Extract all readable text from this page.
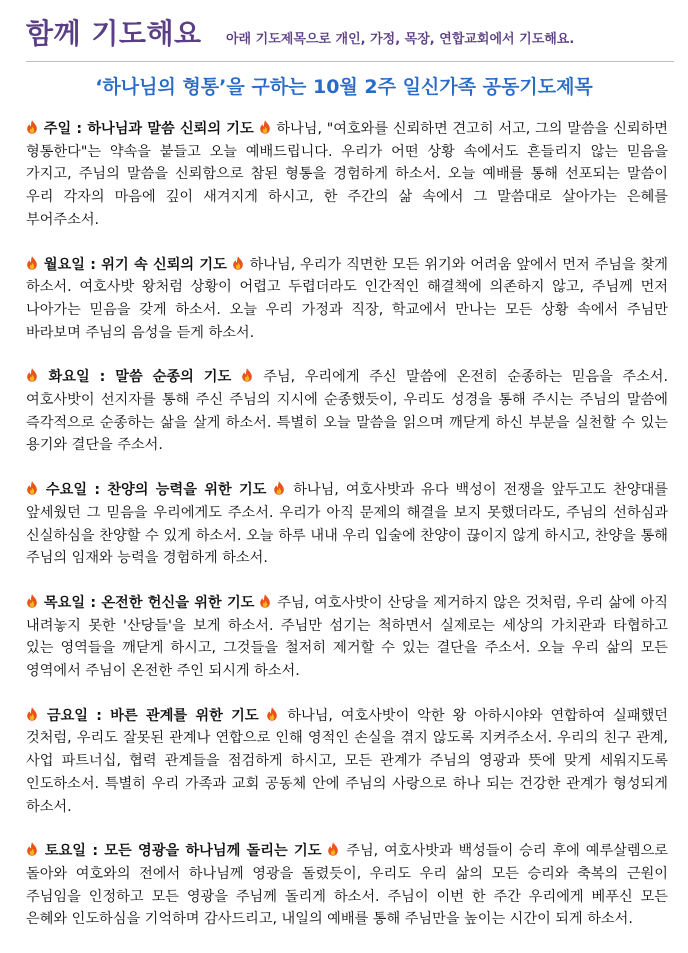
함께 기도해요 아래 기도제목으로 개인, 가정, 목장, 연합교회에서 기도해요.
‘하나님의 형통’을 구하는 10월 2주 일신가족 공동기도제목

주일 : 하나님과 말씀 신뢰의 기도 하나님, "여호와를 신뢰하면 견고히 서고, 그의 말씀을 신뢰하면 형통한다"는 약속을 붙들고 오늘 예배드립니다. 우리가 어떤 상황 속에서도 흔들리지 않는 믿음을 가지고, 주님의 말씀을 신뢰함으로 참된 형통을 경험하게 하소서. 오늘 예배를 통해 선포되는 말씀이 우리 각자의 마음에 깊이 새겨지게 하시고, 한 주간의 삶 속에서 그 말씀대로 살아가는 은혜를 부어주소서.

월요일 : 위기 속 신뢰의 기도 하나님, 우리가 직면한 모든 위기와 어려움 앞에서 먼저 주님을 찾게 하소서. 여호사밧 왕처럼 상황이 어렵고 두렵더라도 인간적인 해결책에 의존하지 않고, 주님께 먼저 나아가는 믿음을 갖게 하소서. 오늘 우리 가정과 직장, 학교에서 만나는 모든 상황 속에서 주님만 바라보며 주님의 음성을 듣게 하소서.

화요일 : 말씀 순종의 기도 주님, 우리에게 주신 말씀에 온전히 순종하는 믿음을 주소서. 여호사밧이 선지자를 통해 주신 주님의 지시에 순종했듯이, 우리도 성경을 통해 주시는 주님의 말씀에 즉각적으로 순종하는 삶을 살게 하소서. 특별히 오늘 말씀을 읽으며 깨닫게 하신 부분을 실천할 수 있는 용기와 결단을 주소서.

수요일 : 찬양의 능력을 위한 기도 하나님, 여호사밧과 유다 백성이 전쟁을 앞두고도 찬양대를 앞세웠던 그 믿음을 우리에게도 주소서. 우리가 아직 문제의 해결을 보지 못했더라도, 주님의 선하심과 신실하심을 찬양할 수 있게 하소서. 오늘 하루 내내 우리 입술에 찬양이 끊이지 않게 하시고, 찬양을 통해 주님의 임재와 능력을 경험하게 하소서.

목요일 : 온전한 헌신을 위한 기도 주님, 여호사밧이 산당을 제거하지 않은 것처럼, 우리 삶에 아직 내려놓지 못한 '산당들'을 보게 하소서. 주님만 섬기는 척하면서 실제로는 세상의 가치관과 타협하고 있는 영역들을 깨닫게 하시고, 그것들을 철저히 제거할 수 있는 결단을 주소서. 오늘 우리 삶의 모든 영역에서 주님이 온전한 주인 되시게 하소서.

금요일 : 바른 관계를 위한 기도 하나님, 여호사밧이 악한 왕 아하시야와 연합하여 실패했던 것처럼, 우리도 잘못된 관계나 연합으로 인해 영적인 손실을 겪지 않도록 지켜주소서. 우리의 친구 관계, 사업 파트너십, 협력 관계들을 점검하게 하시고, 모든 관계가 주님의 영광과 뜻에 맞게 세워지도록 인도하소서. 특별히 우리 가족과 교회 공동체 안에 주님의 사랑으로 하나 되는 건강한 관계가 형성되게 하소서.

토요일 : 모든 영광을 하나님께 돌리는 기도 주님, 여호사밧과 백성들이 승리 후에 예루살렘으로 돌아와 여호와의 전에서 하나님께 영광을 돌렸듯이, 우리도 우리 삶의 모든 승리와 축복의 근원이 주님임을 인정하고 모든 영광을 주님께 돌리게 하소서. 주님이 이번 한 주간 우리에게 베푸신 모든 은혜와 인도하심을 기억하며 감사드리고, 내일의 예배를 통해 주님만을 높이는 시간이 되게 하소서.
